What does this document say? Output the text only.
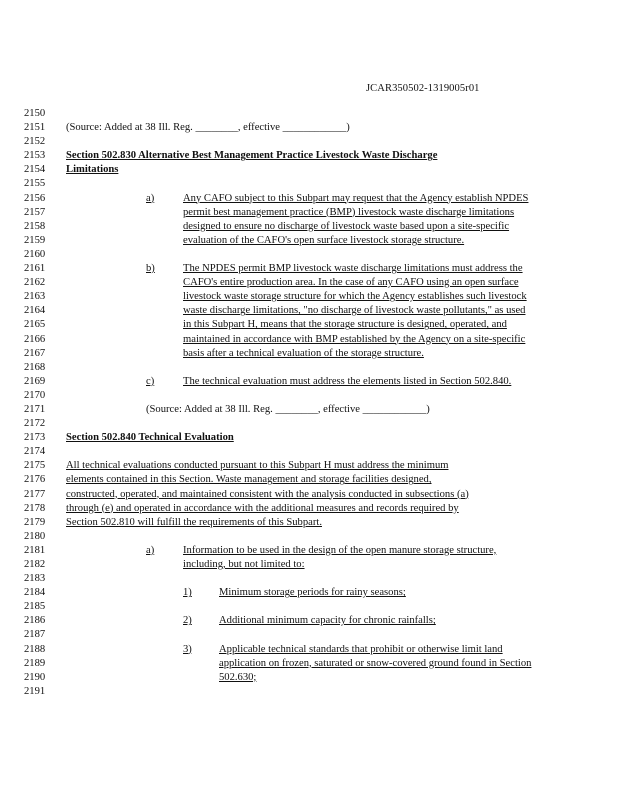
JCAR350502-1319005r01
2150
2151	(Source: Added at 38 Ill. Reg. ________, effective ____________)
2152
2153	Section 502.830 Alternative Best Management Practice Livestock Waste Discharge
2154	Limitations
2155
2156	a)	Any CAFO subject to this Subpart may request that the Agency establish NPDES
2157	permit best management practice (BMP) livestock waste discharge limitations
2158	designed to ensure no discharge of livestock waste based upon a site-specific
2159	evaluation of the CAFO's open surface livestock storage structure.
2160
2161	b)	The NPDES permit BMP livestock waste discharge limitations must address the
2162	CAFO's entire production area. In the case of any CAFO using an open surface
2163	livestock waste storage structure for which the Agency establishes such livestock
2164	waste discharge limitations, "no discharge of livestock waste pollutants," as used
2165	in this Subpart H, means that the storage structure is designed, operated, and
2166	maintained in accordance with BMP established by the Agency on a site-specific
2167	basis after a technical evaluation of the storage structure.
2168
2169	c)	The technical evaluation must address the elements listed in Section 502.840.
2170
2171	(Source: Added at 38 Ill. Reg. ________, effective ____________)
2172
2173	Section 502.840 Technical Evaluation
2174
2175	All technical evaluations conducted pursuant to this Subpart H must address the minimum
2176	elements contained in this Section. Waste management and storage facilities designed,
2177	constructed, operated, and maintained consistent with the analysis conducted in subsections (a)
2178	through (e) and operated in accordance with the additional measures and records required by
2179	Section 502.810 will fulfill the requirements of this Subpart.
2180
2181	a)	Information to be used in the design of the open manure storage structure,
2182	including, but not limited to:
2183
2184	1)	Minimum storage periods for rainy seasons;
2185
2186	2)	Additional minimum capacity for chronic rainfalls;
2187
2188	3)	Applicable technical standards that prohibit or otherwise limit land
2189	application on frozen, saturated or snow-covered ground found in Section
2190	502.630;
2191
